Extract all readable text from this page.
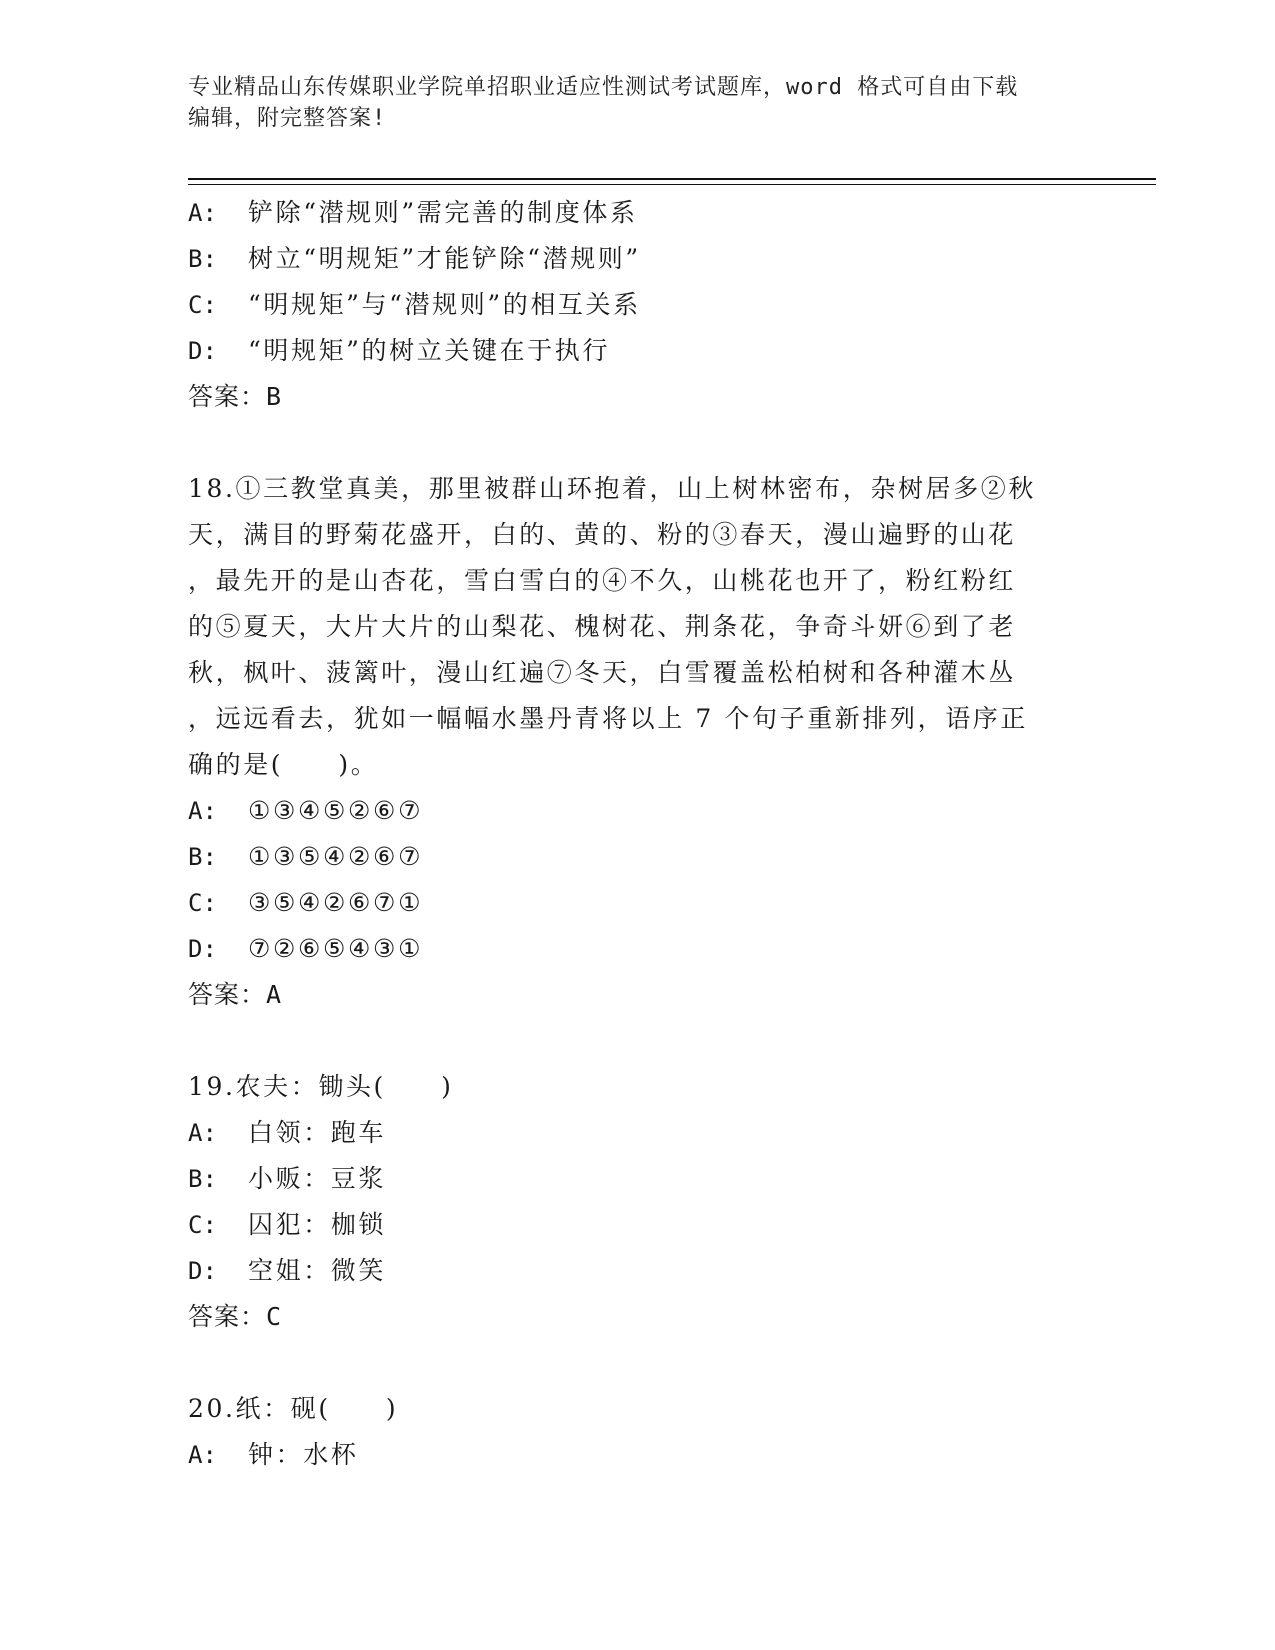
专业精品山东传媒职业学院单招职业适应性测试考试题库，word 格式可自由下载
编辑，附完整答案!
A: 铲除“潜规则”需完善的制度体系
B: 树立“明规矩”才能铲除“潜规则”
C: “明规矩”与“潜规则”的相互关系
D: “明规矩”的树立关键在于执行
答案：B
18.①三教堂真美，那里被群山环抱着，山上树林密布，杂树居多②秋
天，满目的野菊花盛开，白的、黄的、粉的③春天，漫山遍野的山花
，最先开的是山杏花，雪白雪白的④不久，山桃花也开了，粉红粉红
的⑤夏天，大片大片的山梨花、槐树花、荆条花，争奇斗妍⑥到了老
秋，枫叶、菠篱叶，漫山红遍⑦冬天，白雪覆盖松柏树和各种灌木丛
，远远看去，犹如一幅幅水墨丹青将以上 7 个句子重新排列，语序正
确的是(　　)。
A: ①③④⑤②⑥⑦
B: ①③⑤④②⑥⑦
C: ③⑤④②⑥⑦①
D: ⑦②⑥⑤④③①
答案：A
19.农夫：锄头(　　)
A: 白领：跑车
B: 小贩：豆浆
C: 囚犯：枷锁
D: 空姐：微笑
答案：C
20.纸：砚(　　)
A: 钟：水杯
